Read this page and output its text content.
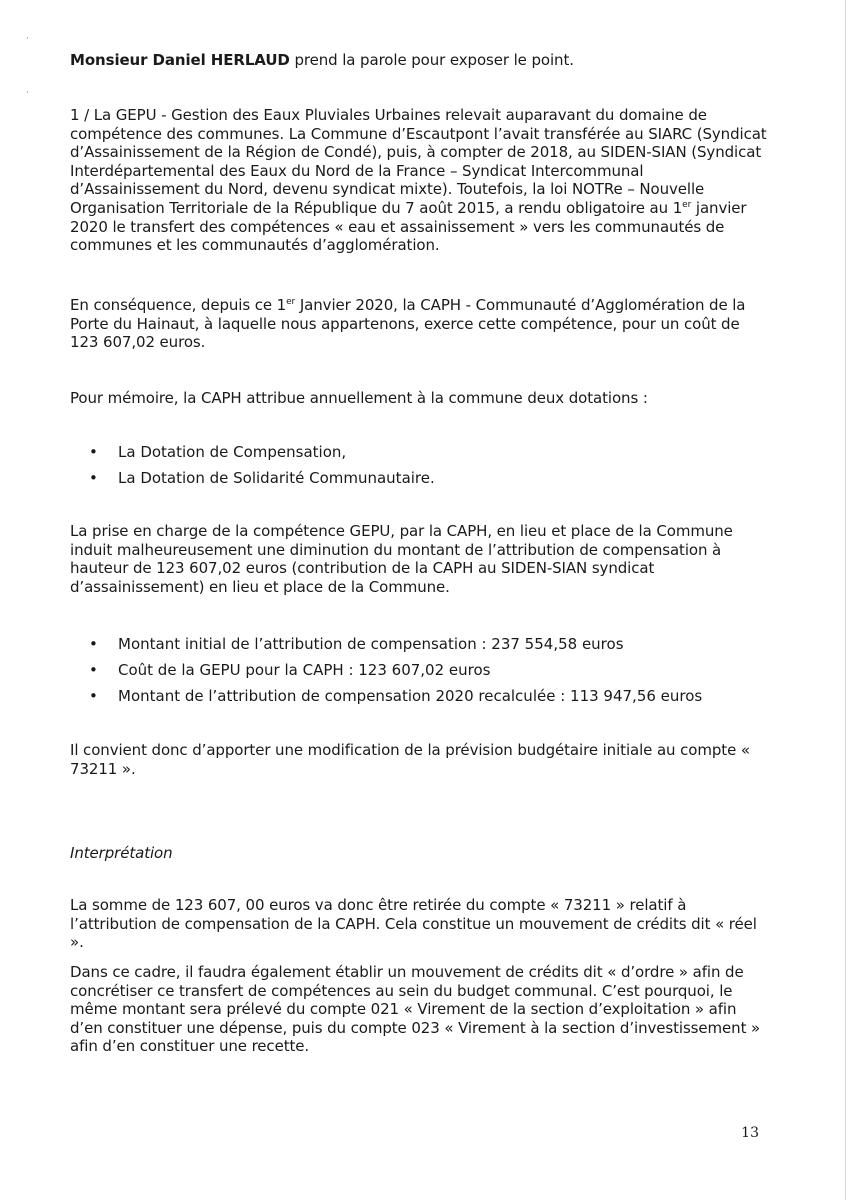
·
·
Monsieur Daniel HERLAUD prend la parole pour exposer le point.
1 / La GEPU - Gestion des Eaux Pluviales Urbaines relevait auparavant du domaine de compétence des communes. La Commune d’Escautpont l’avait transférée au SIARC (Syndicat d’Assainissement de la Région de Condé), puis, à compter de 2018, au SIDEN-SIAN (Syndicat Interdépartemental des Eaux du Nord de la France – Syndicat Intercommunal d’Assainissement du Nord, devenu syndicat mixte). Toutefois, la loi NOTRe – Nouvelle Organisation Territoriale de la République du 7 août 2015, a rendu obligatoire au 1er janvier 2020 le transfert des compétences « eau et assainissement » vers les communautés de communes et les communautés d’agglomération.
En conséquence, depuis ce 1er Janvier 2020, la CAPH - Communauté d’Agglomération de la Porte du Hainaut, à laquelle nous appartenons, exerce cette compétence, pour un coût de 123 607,02 euros.
Pour mémoire, la CAPH attribue annuellement à la commune deux dotations :
•	La Dotation de Compensation,
•	La Dotation de Solidarité Communautaire.
La prise en charge de la compétence GEPU, par la CAPH, en lieu et place de la Commune induit malheureusement une diminution du montant de l’attribution de compensation à hauteur de 123 607,02 euros (contribution de la CAPH au SIDEN-SIAN syndicat d’assainissement) en lieu et place de la Commune.
•	Montant initial de l’attribution de compensation : 237 554,58 euros
•	Coût de la GEPU pour la CAPH : 123 607,02 euros
•	Montant de l’attribution de compensation 2020 recalculée : 113 947,56 euros
Il convient donc d’apporter une modification de la prévision budgétaire initiale au compte « 73211 ».
Interprétation
La somme de 123 607, 00 euros va donc être retirée du compte « 73211 » relatif à l’attribution de compensation de la CAPH. Cela constitue un mouvement de crédits dit « réel ».
Dans ce cadre, il faudra également établir un mouvement de crédits dit « d’ordre » afin de concrétiser ce transfert de compétences au sein du budget communal. C’est pourquoi, le même montant sera prélevé du compte 021 « Virement de la section d’exploitation » afin d’en constituer une dépense, puis du compte 023 « Virement à la section d’investissement » afin d’en constituer une recette.
13
